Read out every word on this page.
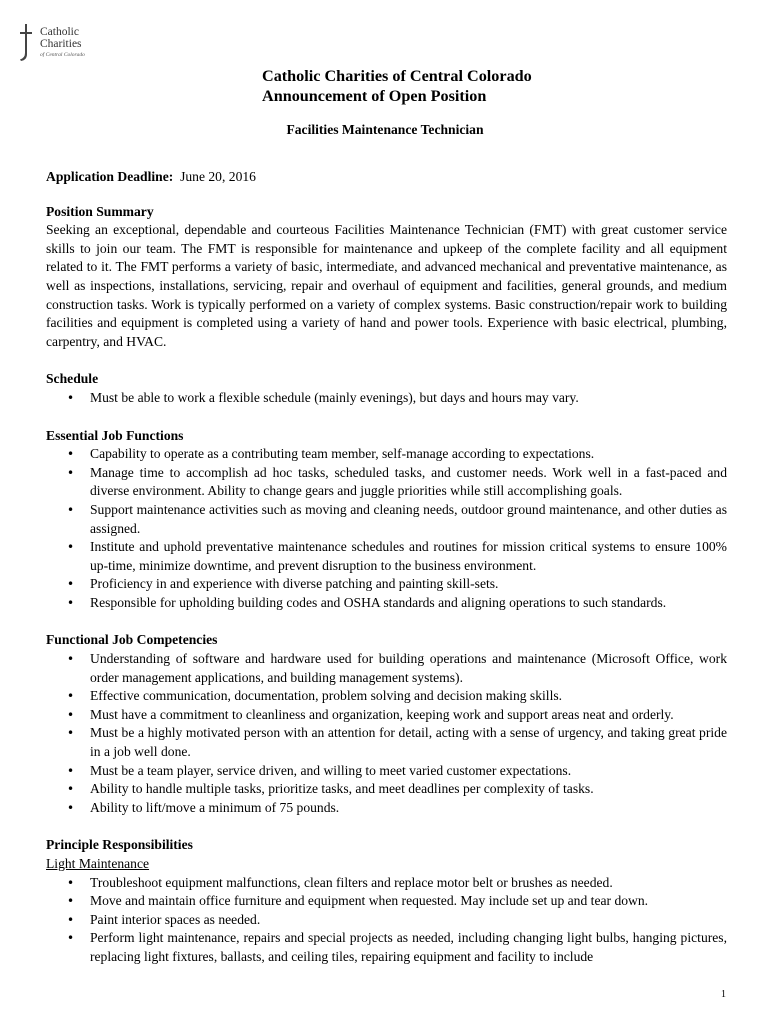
Catholic
Charities
of Central Colorado
Catholic Charities of Central Colorado
Announcement of Open Position
Facilities Maintenance Technician

Application Deadline: June 20, 2016

Position Summary

Seeking an exceptional, dependable and courteous Facilities Maintenance Technician (FMT) with great customer service skills to join our team. The FMT is responsible for maintenance and upkeep of the complete facility and all equipment related to it. The FMT performs a variety of basic, intermediate, and advanced mechanical and preventative maintenance, as well as inspections, installations, servicing, repair and overhaul of equipment and facilities, general grounds, and medium construction tasks. Work is typically performed on a variety of complex systems. Basic construction/repair work to building facilities and equipment is completed using a variety of hand and power tools. Experience with basic electrical, plumbing, carpentry, and HVAC.

Schedule
• Must be able to work a flexible schedule (mainly evenings), but days and hours may vary.
Essential Job Functions
• Capability to operate as a contributing team member, self-manage according to expectations.
• Manage time to accomplish ad hoc tasks, scheduled tasks, and customer needs. Work well in a fast-paced and diverse environment. Ability to change gears and juggle priorities while still accomplishing goals.
• Support maintenance activities such as moving and cleaning needs, outdoor ground maintenance, and other duties as assigned.
• Institute and uphold preventative maintenance schedules and routines for mission critical systems to ensure 100% up-time, minimize downtime, and prevent disruption to the business environment.
• Proficiency in and experience with diverse patching and painting skill-sets.
• Responsible for upholding building codes and OSHA standards and aligning operations to such standards.
Functional Job Competencies
• Understanding of software and hardware used for building operations and maintenance (Microsoft Office, work order management applications, and building management systems).
• Effective communication, documentation, problem solving and decision making skills.
• Must have a commitment to cleanliness and organization, keeping work and support areas neat and orderly.
• Must be a highly motivated person with an attention for detail, acting with a sense of urgency, and taking great pride in a job well done.
• Must be a team player, service driven, and willing to meet varied customer expectations.
• Ability to handle multiple tasks, prioritize tasks, and meet deadlines per complexity of tasks.
• Ability to lift/move a minimum of 75 pounds.
Principle Responsibilities

Light Maintenance

• Troubleshoot equipment malfunctions, clean filters and replace motor belt or brushes as needed.
• Move and maintain office furniture and equipment when requested. May include set up and tear down.
• Paint interior spaces as needed.
• Perform light maintenance, repairs and special projects as needed, including changing light bulbs, hanging pictures, replacing light fixtures, ballasts, and ceiling tiles, repairing equipment and facility to include
1
